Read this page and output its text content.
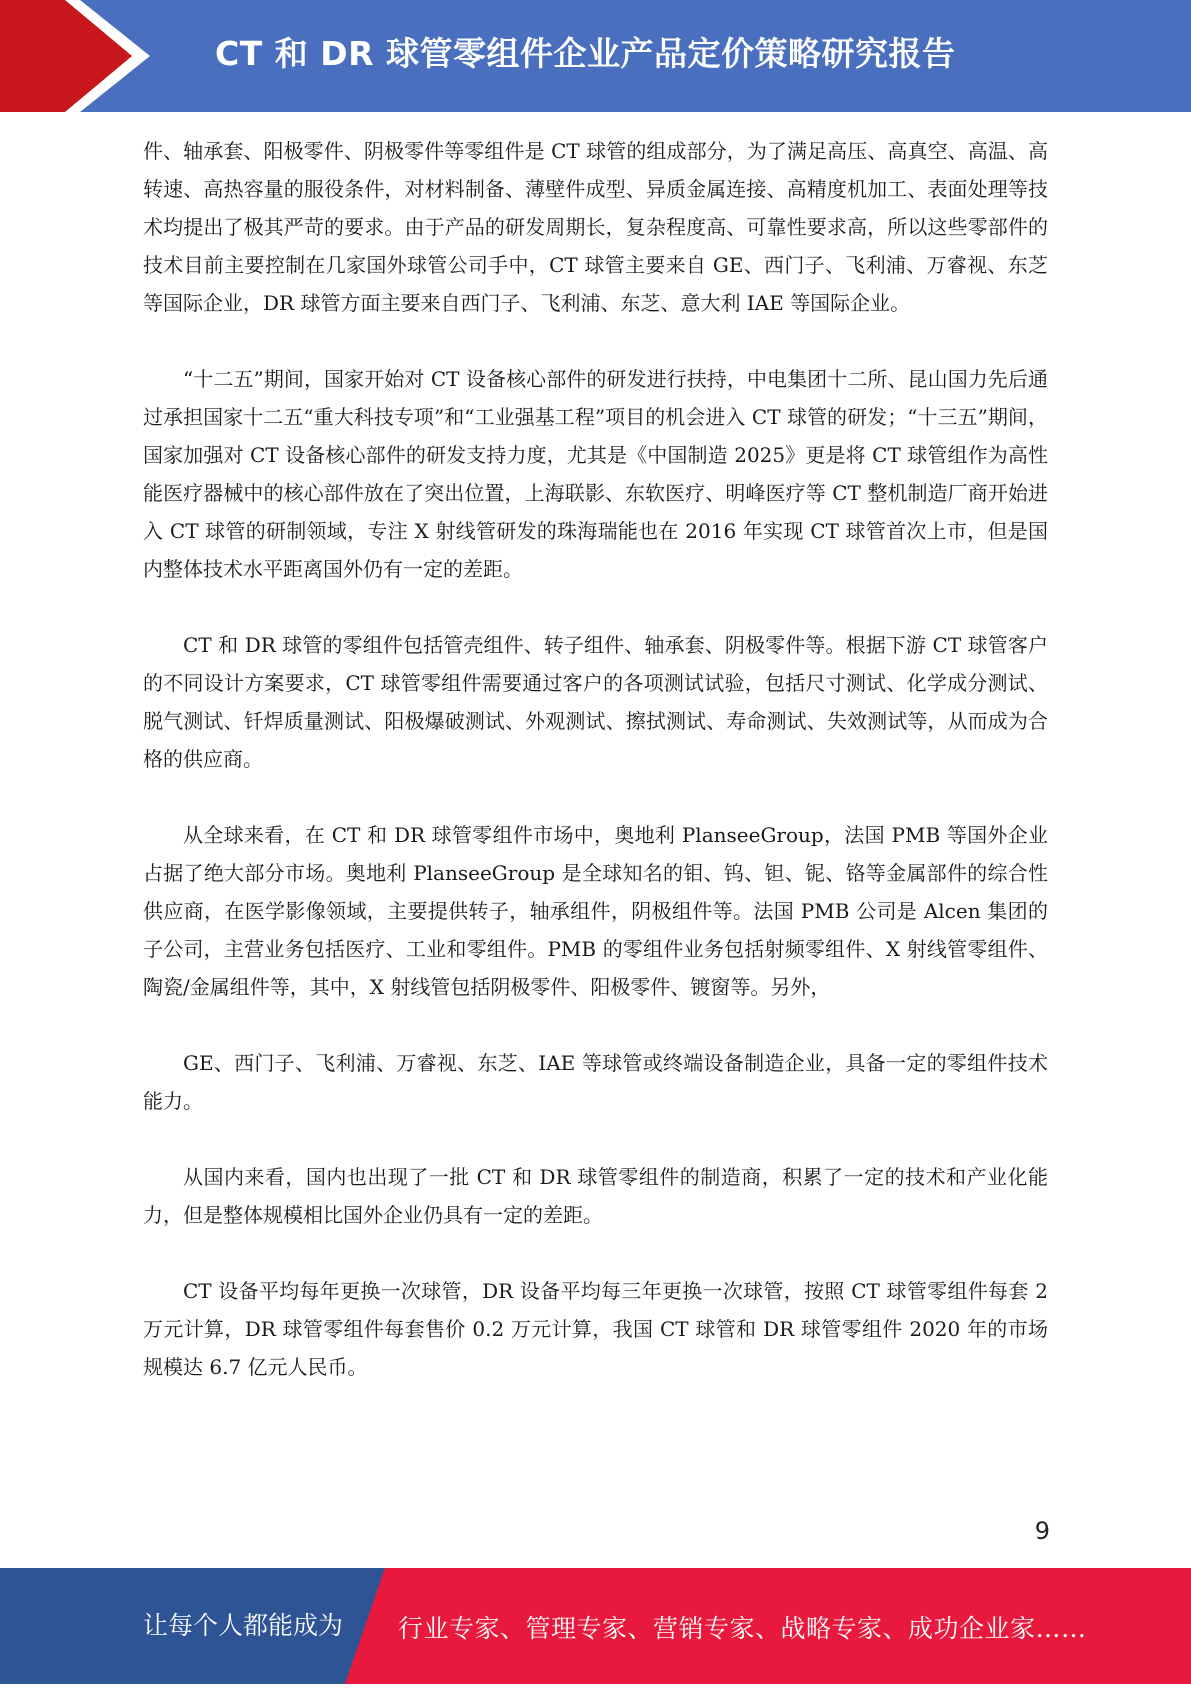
CT 和 DR 球管零组件企业产品定价策略研究报告

件、轴承套、阳极零件、阴极零件等零组件是 CT 球管的组成部分，为了满足高压、高真空、高温、高转速、高热容量的服役条件，对材料制备、薄壁件成型、异质金属连接、高精度机加工、表面处理等技术均提出了极其严苛的要求。由于产品的研发周期长，复杂程度高、可靠性要求高，所以这些零部件的技术目前主要控制在几家国外球管公司手中，CT 球管主要来自 GE、西门子、飞利浦、万睿视、东芝等国际企业，DR 球管方面主要来自西门子、飞利浦、东芝、意大利 IAE 等国际企业。

“十二五”期间，国家开始对 CT 设备核心部件的研发进行扶持，中电集团十二所、昆山国力先后通过承担国家十二五“重大科技专项”和“工业强基工程”项目的机会进入 CT 球管的研发；“十三五”期间，国家加强对 CT 设备核心部件的研发支持力度，尤其是《中国制造 2025》更是将 CT 球管组作为高性能医疗器械中的核心部件放在了突出位置，上海联影、东软医疗、明峰医疗等 CT 整机制造厂商开始进入 CT 球管的研制领域，专注 X 射线管研发的珠海瑞能也在 2016 年实现 CT 球管首次上市，但是国内整体技术水平距离国外仍有一定的差距。

CT 和 DR 球管的零组件包括管壳组件、转子组件、轴承套、阴极零件等。根据下游 CT 球管客户的不同设计方案要求，CT 球管零组件需要通过客户的各项测试试验，包括尺寸测试、化学成分测试、脱气测试、钎焊质量测试、阳极爆破测试、外观测试、擦拭测试、寿命测试、失效测试等，从而成为合格的供应商。

从全球来看，在 CT 和 DR 球管零组件市场中，奥地利 PlanseeGroup，法国 PMB 等国外企业占据了绝大部分市场。奥地利 PlanseeGroup 是全球知名的钼、钨、钽、铌、铬等金属部件的综合性供应商，在医学影像领域，主要提供转子，轴承组件，阴极组件等。法国 PMB 公司是 Alcen 集团的子公司，主营业务包括医疗、工业和零组件。PMB 的零组件业务包括射频零组件、X 射线管零组件、陶瓷/金属组件等，其中，X 射线管包括阴极零件、阳极零件、镀窗等。另外，

GE、西门子、飞利浦、万睿视、东芝、IAE 等球管或终端设备制造企业，具备一定的零组件技术能力。

从国内来看，国内也出现了一批 CT 和 DR 球管零组件的制造商，积累了一定的技术和产业化能力，但是整体规模相比国外企业仍具有一定的差距。

CT 设备平均每年更换一次球管，DR 设备平均每三年更换一次球管，按照 CT 球管零组件每套 2 万元计算，DR 球管零组件每套售价 0.2 万元计算，我国 CT 球管和 DR 球管零组件 2020 年的市场规模达 6.7 亿元人民币。

9
让每个人都能成为 行业专家、管理专家、营销专家、战略专家、成功企业家……
